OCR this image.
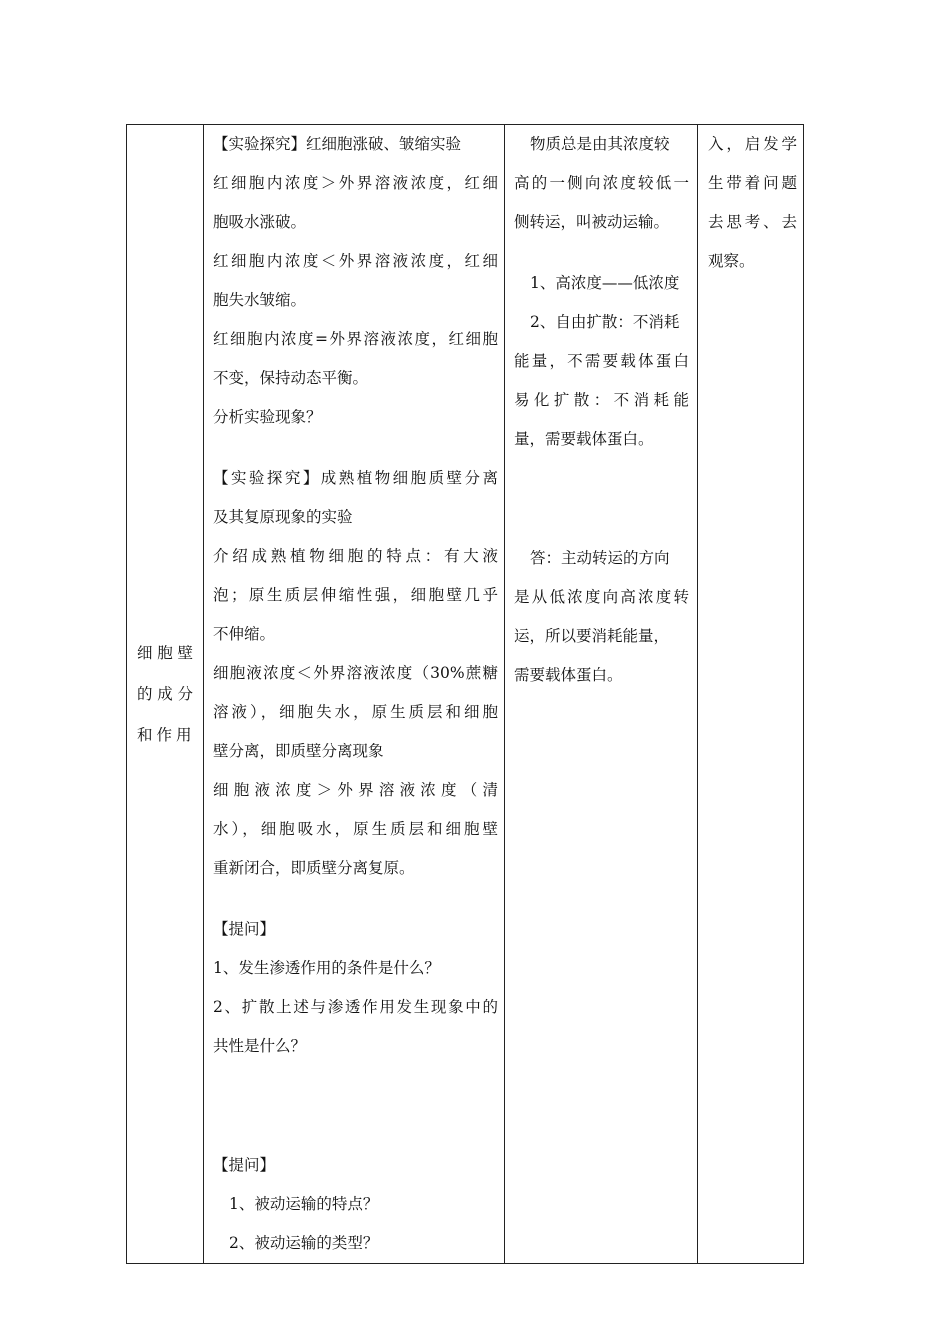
细胞壁的成分和作用

【实验探究】红细胞涨破、皱缩实验
红细胞内浓度＞外界溶液浓度，红细
胞吸水涨破。
红细胞内浓度＜外界溶液浓度，红细
胞失水皱缩。
红细胞内浓度=外界溶液浓度，红细胞
不变，保持动态平衡。
分析实验现象？
【实验探究】成熟植物细胞质壁分离
及其复原现象的实验
介绍成熟植物细胞的特点：有大液
泡；原生质层伸缩性强，细胞壁几乎
不伸缩。
细胞液浓度＜外界溶液浓度（30%蔗糖
溶液），细胞失水，原生质层和细胞
壁分离，即质壁分离现象
细胞液浓度＞外界溶液浓度（清
水），细胞吸水，原生质层和细胞壁
重新闭合，即质壁分离复原。
【提问】
1、发生渗透作用的条件是什么？
2、扩散上述与渗透作用发生现象中的
共性是什么？
【提问】
1、被动运输的特点？
2、被动运输的类型？

物质总是由其浓度较
高的一侧向浓度较低一
侧转运，叫被动运输。
1、高浓度——低浓度
2、自由扩散：不消耗
能量，不需要载体蛋白
易化扩散：不消耗能
量，需要载体蛋白。
答：主动转运的方向
是从低浓度向高浓度转
运，所以要消耗能量，
需要载体蛋白。

入，启发学
生带着问题
去思考、去
观察。
